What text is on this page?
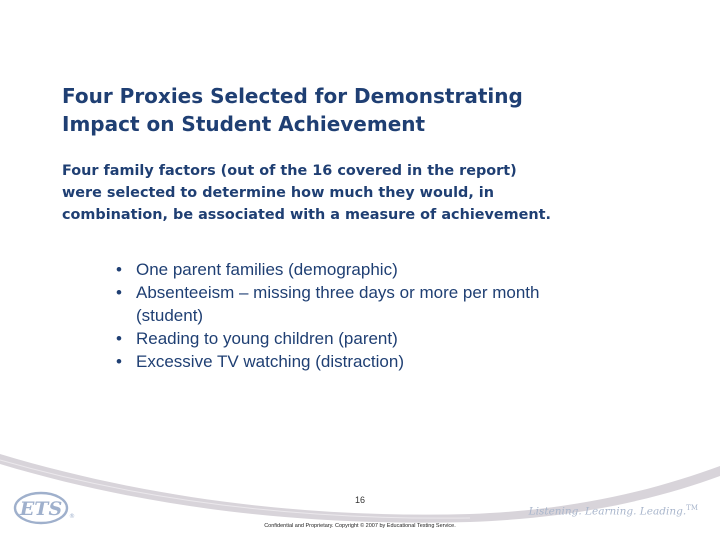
Four Proxies Selected for Demonstrating
Impact on Student Achievement

Four family factors (out of the 16 covered in the report)
were selected to determine how much they would, in
combination, be associated with a measure of achievement.

• One parent families (demographic)
• Absenteeism – missing three days or more per month
(student)
• Reading to young children (parent)
• Excessive TV watching (distraction)
16
ETS ®	Listening. Learning. Leading.™
Confidential and Proprietary. Copyright © 2007 by Educational Testing Service.
